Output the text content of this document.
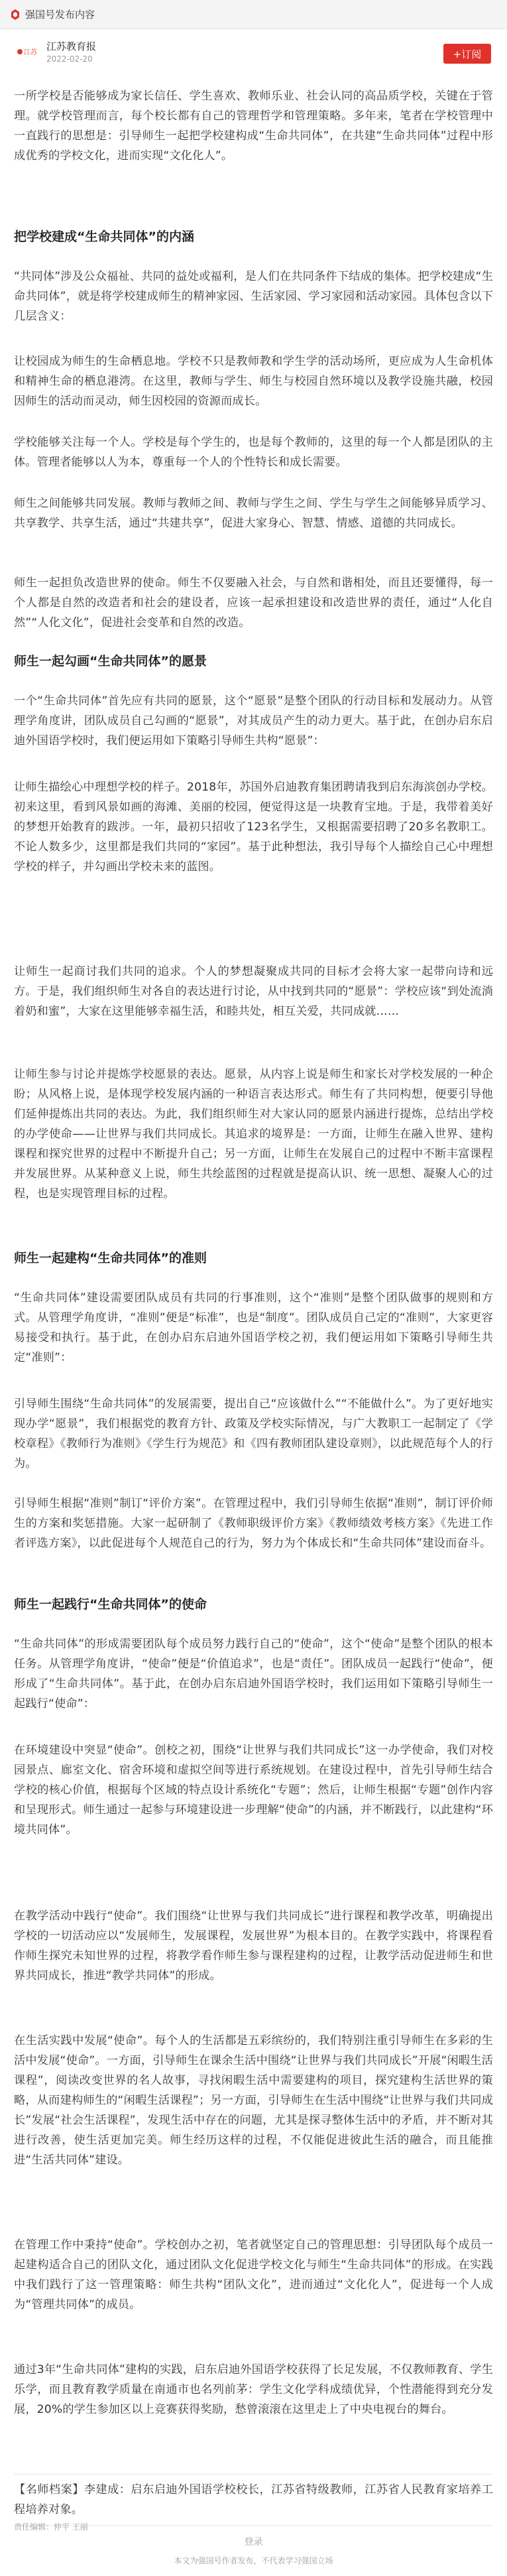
强国号发布内容
江苏
江苏教育报
2022-02-20	+订阅

一所学校是否能够成为家长信任、学生喜欢、教师乐业、社会认同的高品质学校，关键在于管理。就学校管理而言，每个校长都有自己的管理哲学和管理策略。多年来，笔者在学校管理中一直践行的思想是：引导师生一起把学校建构成“生命共同体”，在共建“生命共同体”过程中形成优秀的学校文化，进而实现“文化化人”。

把学校建成“生命共同体”的内涵

“共同体”涉及公众福祉、共同的益处或福利，是人们在共同条件下结成的集体。把学校建成“生命共同体”，就是将学校建成师生的精神家园、生活家园、学习家园和活动家园。具体包含以下几层含义：

让校园成为师生的生命栖息地。学校不只是教师教和学生学的活动场所，更应成为人生命机体和精神生命的栖息港湾。在这里，教师与学生、师生与校园自然环境以及教学设施共融，校园因师生的活动而灵动，师生因校园的资源而成长。

学校能够关注每一个人。学校是每个学生的，也是每个教师的，这里的每一个人都是团队的主体。管理者能够以人为本，尊重每一个人的个性特长和成长需要。

师生之间能够共同发展。教师与教师之间、教师与学生之间、学生与学生之间能够异质学习、共享教学、共享生活，通过“共建共享”，促进大家身心、智慧、情感、道德的共同成长。

师生一起担负改造世界的使命。师生不仅要融入社会，与自然和谐相处，而且还要懂得，每一个人都是自然的改造者和社会的建设者，应该一起承担建设和改造世界的责任，通过“人化自然”“人化文化”，促进社会变革和自然的改造。

师生一起勾画“生命共同体”的愿景

一个“生命共同体”首先应有共同的愿景，这个“愿景”是整个团队的行动目标和发展动力。从管理学角度讲，团队成员自己勾画的“愿景”，对其成员产生的动力更大。基于此，在创办启东启迪外国语学校时，我们便运用如下策略引导师生共构“愿景”：

让师生描绘心中理想学校的样子。2018年，苏国外启迪教育集团聘请我到启东海滨创办学校。初来这里，看到风景如画的海滩、美丽的校园，便觉得这是一块教育宝地。于是，我带着美好的梦想开始教育的跋涉。一年，最初只招收了123名学生，又根据需要招聘了20多名教职工。不论人数多少，这里都是我们共同的“家园”。基于此种想法，我引导每个人描绘自己心中理想学校的样子，并勾画出学校未来的蓝图。

让师生一起商讨我们共同的追求。个人的梦想凝聚成共同的目标才会将大家一起带向诗和远方。于是，我们组织师生对各自的表达进行讨论，从中找到共同的“愿景”：学校应该“到处流淌着奶和蜜”，大家在这里能够幸福生活，和睦共处，相互关爱，共同成就……

让师生参与讨论并提炼学校愿景的表达。愿景，从内容上说是师生和家长对学校发展的一种企盼；从风格上说，是体现学校发展内涵的一种语言表达形式。师生有了共同构想，便要引导他们延伸提炼出共同的表达。为此，我们组织师生对大家认同的愿景内涵进行提炼，总结出学校的办学使命——让世界与我们共同成长。其追求的境界是：一方面，让师生在融入世界、建构课程和探究世界的过程中不断提升自己；另一方面，让师生在发展自己的过程中不断丰富课程并发展世界。从某种意义上说，师生共绘蓝图的过程就是提高认识、统一思想、凝聚人心的过程，也是实现管理目标的过程。

师生一起建构“生命共同体”的准则

“生命共同体”建设需要团队成员有共同的行事准则，这个“准则”是整个团队做事的规则和方式。从管理学角度讲，“准则”便是“标准”，也是“制度”。团队成员自己定的“准则”，大家更容易接受和执行。基于此，在创办启东启迪外国语学校之初，我们便运用如下策略引导师生共定“准则”：

引导师生围绕“生命共同体”的发展需要，提出自己“应该做什么”“不能做什么”。为了更好地实现办学“愿景”，我们根据党的教育方针、政策及学校实际情况，与广大教职工一起制定了《学校章程》《教师行为准则》《学生行为规范》和《四有教师团队建设章则》，以此规范每个人的行为。

引导师生根据“准则”制订“评价方案”。在管理过程中，我们引导师生依据“准则”，制订评价师生的方案和奖惩措施。大家一起研制了《教师职级评价方案》《教师绩效考核方案》《先进工作者评选方案》，以此促进每个人规范自己的行为，努力为个体成长和“生命共同体”建设而奋斗。

师生一起践行“生命共同体”的使命

“生命共同体”的形成需要团队每个成员努力践行自己的“使命”，这个“使命”是整个团队的根本任务。从管理学角度讲，“使命”便是“价值追求”，也是“责任”。团队成员一起践行“使命”，便形成了“生命共同体”。基于此，在创办启东启迪外国语学校时，我们运用如下策略引导师生一起践行“使命”：

在环境建设中突显“使命”。创校之初，围绕“让世界与我们共同成长”这一办学使命，我们对校园景点、廊室文化、宿舍环境和虚拟空间等进行系统规划。在建设过程中，首先引导师生结合学校的核心价值，根据每个区域的特点设计系统化“专题”；然后，让师生根据“专题”创作内容和呈现形式。师生通过一起参与环境建设进一步理解“使命”的内涵，并不断践行，以此建构“环境共同体”。

在教学活动中践行“使命”。我们围绕“让世界与我们共同成长”进行课程和教学改革，明确提出学校的一切活动应以“发展师生，发展课程，发展世界”为根本目的。在教学实践中，将课程看作师生探究未知世界的过程，将教学看作师生参与课程建构的过程，让教学活动促进师生和世界共同成长，推进“教学共同体”的形成。

在生活实践中发展“使命”。每个人的生活都是五彩缤纷的，我们特别注重引导师生在多彩的生活中发展“使命”。一方面，引导师生在课余生活中围绕“让世界与我们共同成长”开展“闲暇生活课程”，阅读改变世界的名人故事，寻找闲暇生活中需要建构的项目，探究建构生活世界的策略，从而建构师生的“闲暇生活课程”；另一方面，引导师生在生活中围绕“让世界与我们共同成长”发展“社会生活课程”，发现生活中存在的问题，尤其是探寻整体生活中的矛盾，并不断对其进行改善，使生活更加完美。师生经历这样的过程，不仅能促进彼此生活的融合，而且能推进“生活共同体”建设。

在管理工作中秉持“使命”。学校创办之初，笔者就坚定自己的管理思想：引导团队每个成员一起建构适合自己的团队文化，通过团队文化促进学校文化与师生“生命共同体”的形成。在实践中我们践行了这一管理策略：师生共构“团队文化”，进而通过“文化化人”，促进每一个人成为“管理共同体”的成员。

通过3年“生命共同体”建构的实践，启东启迪外国语学校获得了长足发展，不仅教师教育、学生乐学，而且教育教学质量在南通市也名列前茅：学生文化学科成绩优异，个性潜能得到充分发展，20%的学生参加区以上竞赛获得奖励，愁曾滚滚在这里走上了中央电视台的舞台。

【名师档案】李建成：启东启迪外国语学校校长，江苏省特级教师，江苏省人民教育家培养工程培养对象。

责任编辑：仲平 王丽
登录
本文为强国号作者发布，不代表学习强国立场
